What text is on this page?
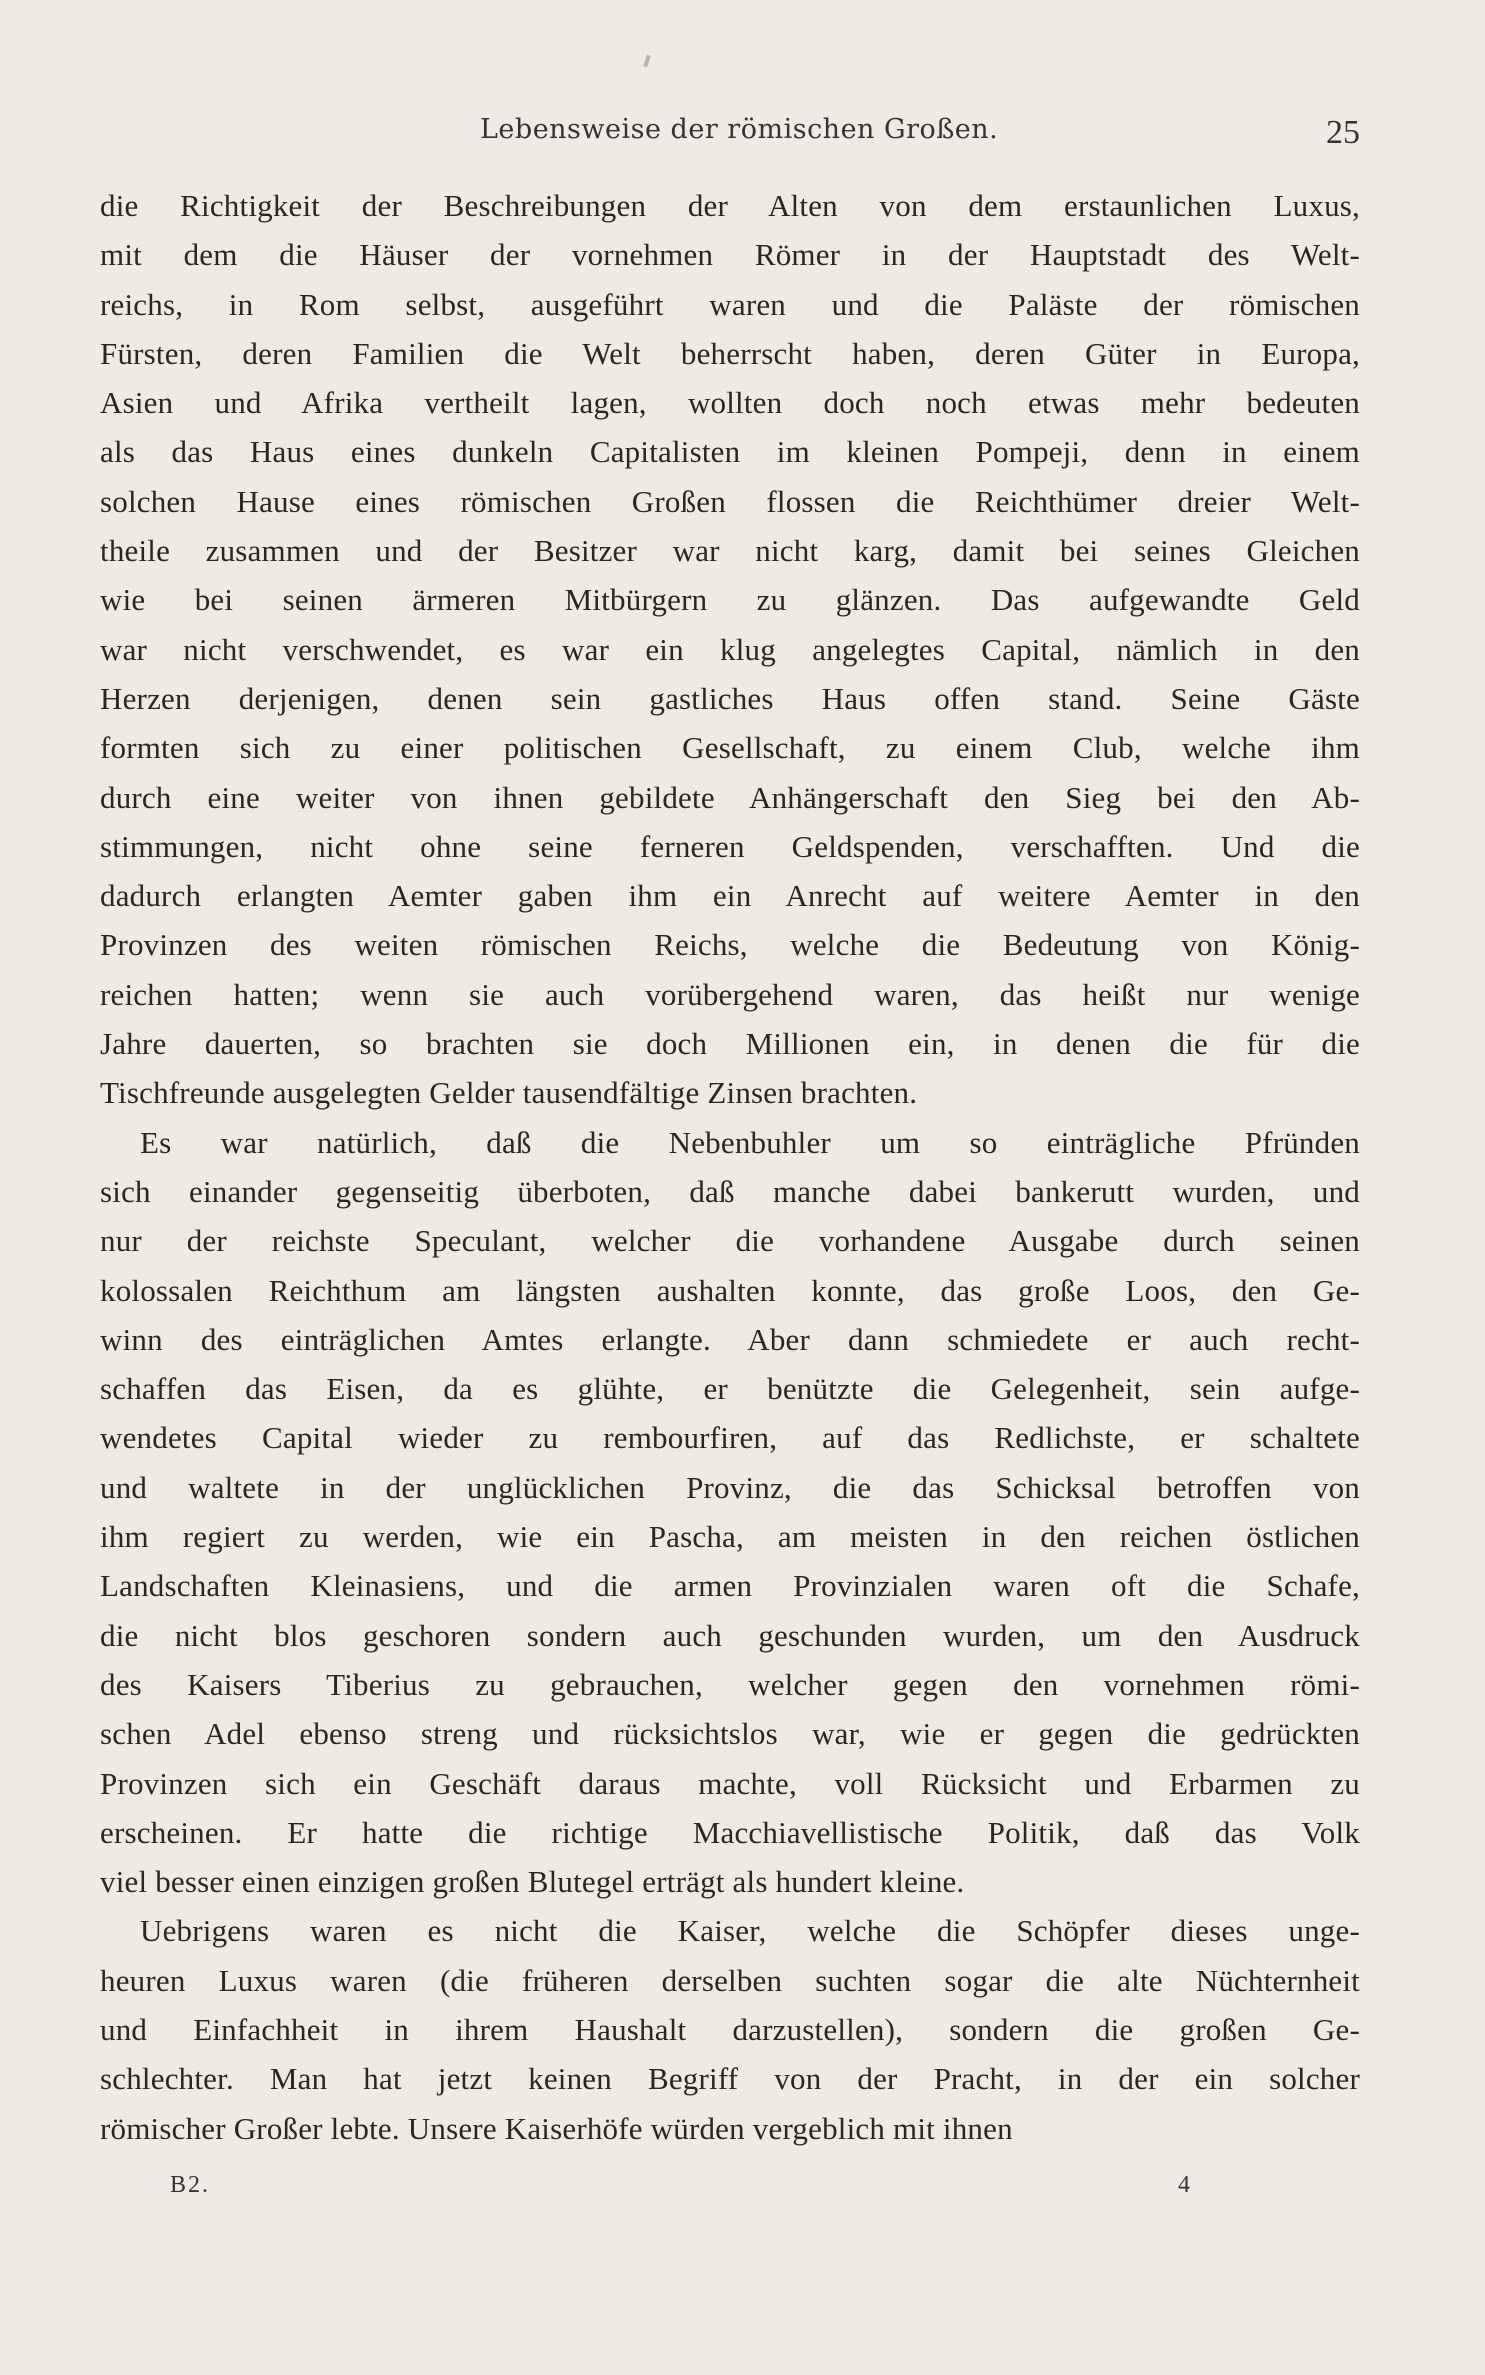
Lebensweise der römischen Großen.	25
die Richtigkeit der Beschreibungen der Alten von dem erstaunlichen Luxus,
mit dem die Häuser der vornehmen Römer in der Hauptstadt des Welt-
reichs, in Rom selbst, ausgeführt waren und die Paläste der römischen
Fürsten, deren Familien die Welt beherrscht haben, deren Güter in Europa,
Asien und Afrika vertheilt lagen, wollten doch noch etwas mehr bedeuten
als das Haus eines dunkeln Capitalisten im kleinen Pompeji, denn in einem
solchen Hause eines römischen Großen flossen die Reichthümer dreier Welt-
theile zusammen und der Besitzer war nicht karg, damit bei seines Gleichen
wie bei seinen ärmeren Mitbürgern zu glänzen. Das aufgewandte Geld
war nicht verschwendet, es war ein klug angelegtes Capital, nämlich in den
Herzen derjenigen, denen sein gastliches Haus offen stand. Seine Gäste
formten sich zu einer politischen Gesellschaft, zu einem Club, welche ihm
durch eine weiter von ihnen gebildete Anhängerschaft den Sieg bei den Ab-
stimmungen, nicht ohne seine ferneren Geldspenden, verschafften. Und die
dadurch erlangten Aemter gaben ihm ein Anrecht auf weitere Aemter in den
Provinzen des weiten römischen Reichs, welche die Bedeutung von König-
reichen hatten; wenn sie auch vorübergehend waren, das heißt nur wenige
Jahre dauerten, so brachten sie doch Millionen ein, in denen die für die
Tischfreunde ausgelegten Gelder tausendfältige Zinsen brachten.
Es war natürlich, daß die Nebenbuhler um so einträgliche Pfründen
sich einander gegenseitig überboten, daß manche dabei bankerutt wurden, und
nur der reichste Speculant, welcher die vorhandene Ausgabe durch seinen
kolossalen Reichthum am längsten aushalten konnte, das große Loos, den Ge-
winn des einträglichen Amtes erlangte. Aber dann schmiedete er auch recht-
schaffen das Eisen, da es glühte, er benützte die Gelegenheit, sein aufge-
wendetes Capital wieder zu rembourfiren, auf das Redlichste, er schaltete
und waltete in der unglücklichen Provinz, die das Schicksal betroffen von
ihm regiert zu werden, wie ein Pascha, am meisten in den reichen östlichen
Landschaften Kleinasiens, und die armen Provinzialen waren oft die Schafe,
die nicht blos geschoren sondern auch geschunden wurden, um den Ausdruck
des Kaisers Tiberius zu gebrauchen, welcher gegen den vornehmen römi-
schen Adel ebenso streng und rücksichtslos war, wie er gegen die gedrückten
Provinzen sich ein Geschäft daraus machte, voll Rücksicht und Erbarmen zu
erscheinen. Er hatte die richtige Macchiavellistische Politik, daß das Volk
viel besser einen einzigen großen Blutegel erträgt als hundert kleine.
Uebrigens waren es nicht die Kaiser, welche die Schöpfer dieses unge-
heuren Luxus waren (die früheren derselben suchten sogar die alte Nüchternheit
und Einfachheit in ihrem Haushalt darzustellen), sondern die großen Ge-
schlechter. Man hat jetzt keinen Begriff von der Pracht, in der ein solcher
römischer Großer lebte. Unsere Kaiserhöfe würden vergeblich mit ihnen
B2.	4
